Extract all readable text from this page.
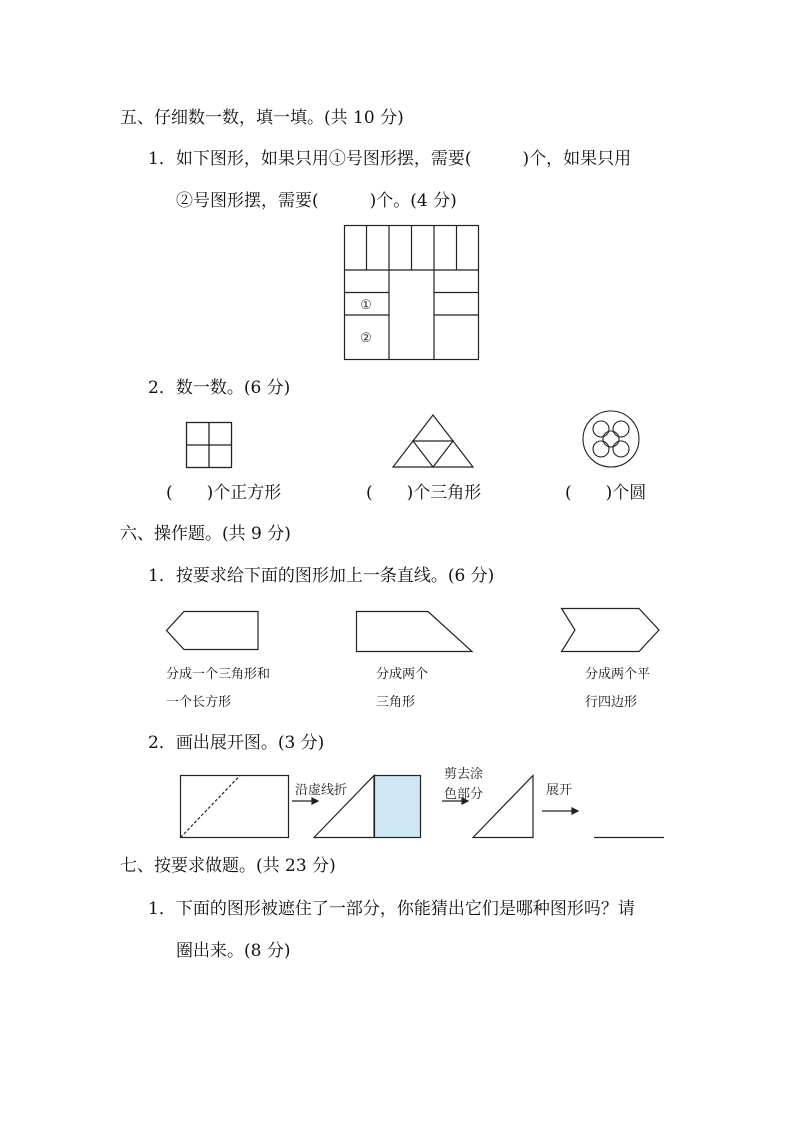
五、仔细数一数，填一填。(共 10 分)
1．如下图形，如果只用①号图形摆，需要(　　　)个，如果只用
②号图形摆，需要(　　　)个。(4 分)
①
②
2．数一数。(6 分)
(　　)个正方形	(　　)个三角形	(　　)个圆
六、操作题。(共 9 分)
1．按要求给下面的图形加上一条直线。(6 分)
分成一个三角形和
一个长方形
分成两个
三角形
分成两个平
行四边形
2．画出展开图。(3 分)
沿虚线折
剪去涂
色部分	展开
七、按要求做题。(共 23 分)
1．下面的图形被遮住了一部分，你能猜出它们是哪种图形吗？请
圈出来。(8 分)
